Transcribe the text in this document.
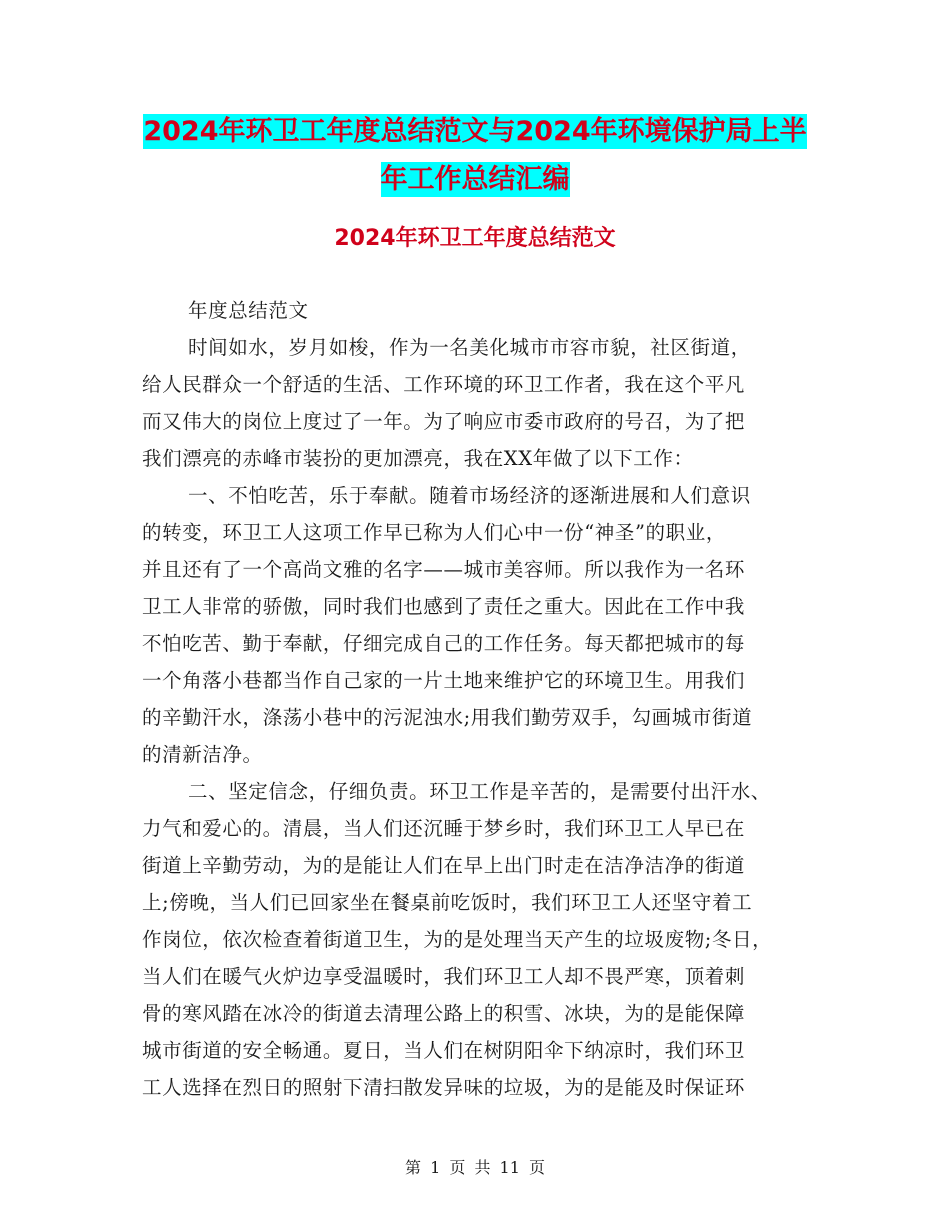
2024年环卫工年度总结范文与2024年环境保护局上半
年工作总结汇编
2024年环卫工年度总结范文
年度总结范文
时间如水，岁月如梭，作为一名美化城市市容市貌，社区街道，
给人民群众一个舒适的生活、工作环境的环卫工作者，我在这个平凡
而又伟大的岗位上度过了一年。为了响应市委市政府的号召，为了把
我们漂亮的赤峰市装扮的更加漂亮，我在XX年做了以下工作：
一、不怕吃苦，乐于奉献。随着市场经济的逐渐进展和人们意识
的转变，环卫工人这项工作早已称为人们心中一份“神圣”的职业，
并且还有了一个高尚文雅的名字——城市美容师。所以我作为一名环
卫工人非常的骄傲，同时我们也感到了责任之重大。因此在工作中我
不怕吃苦、勤于奉献，仔细完成自己的工作任务。每天都把城市的每
一个角落小巷都当作自己家的一片土地来维护它的环境卫生。用我们
的辛勤汗水，涤荡小巷中的污泥浊水;用我们勤劳双手，勾画城市街道
的清新洁净。
二、坚定信念，仔细负责。环卫工作是辛苦的，是需要付出汗水、
力气和爱心的。清晨，当人们还沉睡于梦乡时，我们环卫工人早已在
街道上辛勤劳动，为的是能让人们在早上出门时走在洁净洁净的街道
上;傍晚，当人们已回家坐在餐桌前吃饭时，我们环卫工人还坚守着工
作岗位，依次检查着街道卫生，为的是处理当天产生的垃圾废物;冬日，
当人们在暖气火炉边享受温暖时，我们环卫工人却不畏严寒，顶着刺
骨的寒风踏在冰冷的街道去清理公路上的积雪、冰块，为的是能保障
城市街道的安全畅通。夏日，当人们在树阴阳伞下纳凉时，我们环卫
工人选择在烈日的照射下清扫散发异味的垃圾，为的是能及时保证环
第 1 页 共 11 页
